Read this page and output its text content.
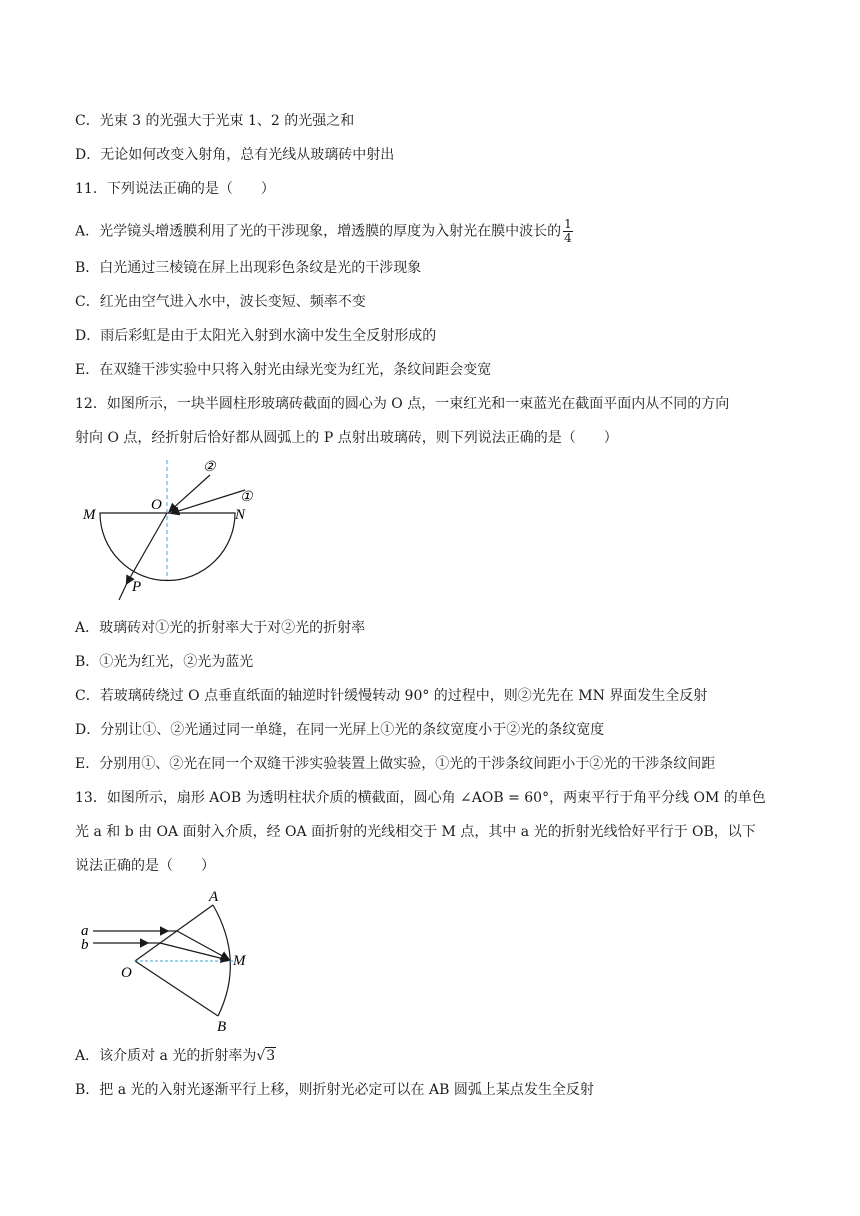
C．光束 3 的光强大于光束 1、2 的光强之和
D．无论如何改变入射角，总有光线从玻璃砖中射出
11．下列说法正确的是（　　）
A．光学镜头增透膜利用了光的干涉现象，增透膜的厚度为入射光在膜中波长的 $\frac{1}{4}$
B．白光通过三棱镜在屏上出现彩色条纹是光的干涉现象
C．红光由空气进入水中，波长变短、频率不变
D．雨后彩虹是由于太阳光入射到水滴中发生全反射形成的
E．在双缝干涉实验中只将入射光由绿光变为红光，条纹间距会变宽
12．如图所示，一块半圆柱形玻璃砖截面的圆心为 O 点，一束红光和一束蓝光在截面平面内从不同的方向
射向 O 点，经折射后恰好都从圆弧上的 P 点射出玻璃砖，则下列说法正确的是（　　）
M
O
N
P
②
①
A．玻璃砖对①光的折射率大于对②光的折射率
B．①光为红光，②光为蓝光
C．若玻璃砖绕过 O 点垂直纸面的轴逆时针缓慢转动 90° 的过程中，则②光先在 MN 界面发生全反射
D．分别让①、②光通过同一单缝，在同一光屏上①光的条纹宽度小于②光的条纹宽度
E．分别用①、②光在同一个双缝干涉实验装置上做实验，①光的干涉条纹间距小于②光的干涉条纹间距
13．如图所示，扇形 AOB 为透明柱状介质的横截面，圆心角 ∠AOB = 60°，两束平行于角平分线 OM 的单色
光 a 和 b 由 OA 面射入介质，经 OA 面折射的光线相交于 M 点，其中 a 光的折射光线恰好平行于 OB，以下
说法正确的是（　　）
a
b
O
A
M
B
A．该介质对 a 光的折射率为√3
B．把 a 光的入射光逐渐平行上移，则折射光必定可以在 AB 圆弧上某点发生全反射
